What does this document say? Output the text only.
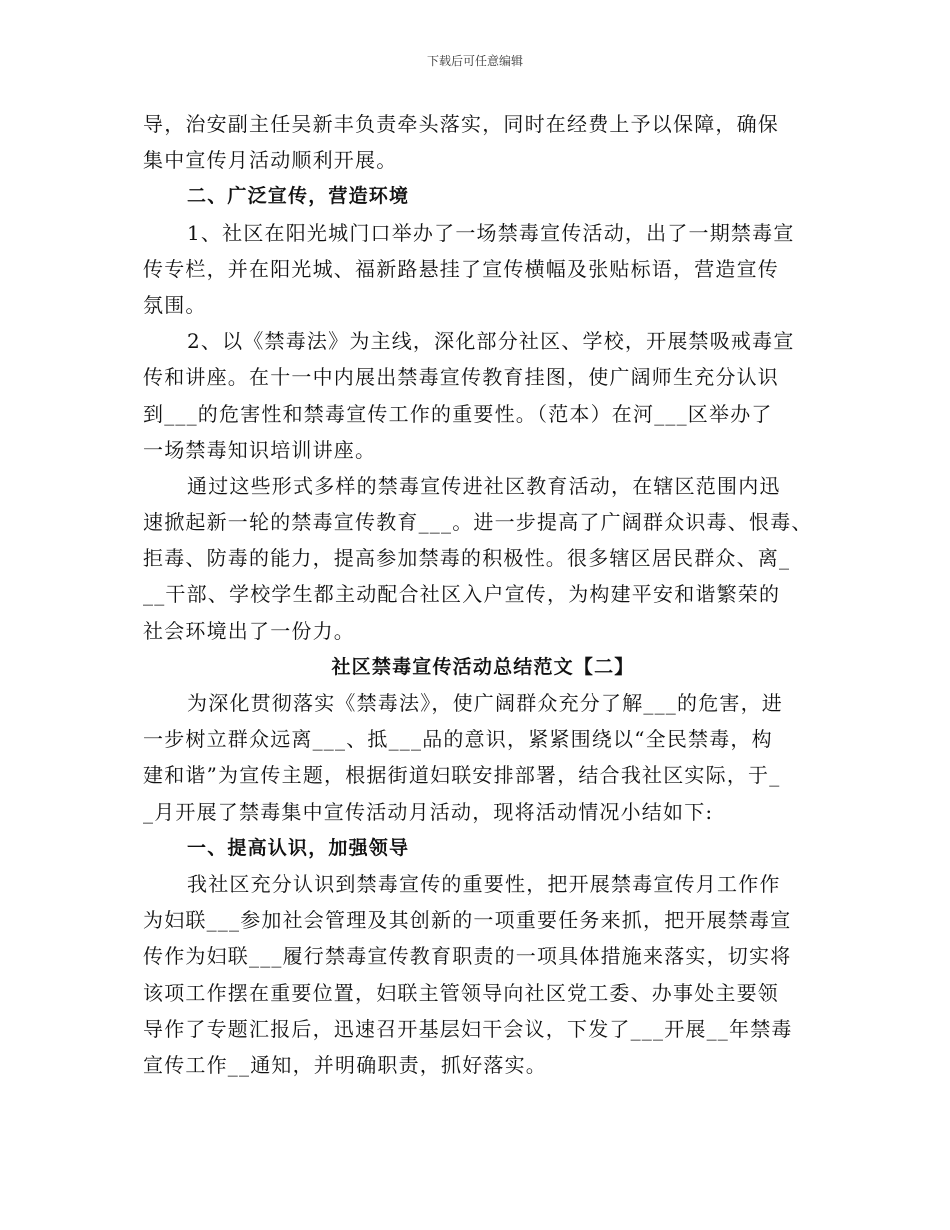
下载后可任意编辑
导，治安副主任吴新丰负责牵头落实，同时在经费上予以保障，确保
集中宣传月活动顺利开展。
二、广泛宣传，营造环境
1、社区在阳光城门口举办了一场禁毒宣传活动，出了一期禁毒宣
传专栏，并在阳光城、福新路悬挂了宣传横幅及张贴标语，营造宣传
氛围。
2、以《禁毒法》为主线，深化部分社区、学校，开展禁吸戒毒宣
传和讲座。在十一中内展出禁毒宣传教育挂图，使广阔师生充分认识
到___的危害性和禁毒宣传工作的重要性。（范本）在河___区举办了
一场禁毒知识培训讲座。
通过这些形式多样的禁毒宣传进社区教育活动，在辖区范围内迅
速掀起新一轮的禁毒宣传教育___。进一步提高了广阔群众识毒、恨毒、
拒毒、防毒的能力，提高参加禁毒的积极性。很多辖区居民群众、离_
__干部、学校学生都主动配合社区入户宣传，为构建平安和谐繁荣的
社会环境出了一份力。
社区禁毒宣传活动总结范文【二】
为深化贯彻落实《禁毒法》，使广阔群众充分了解___的危害，进
一步树立群众远离___、抵___品的意识，紧紧围绕以“全民禁毒，构
建和谐”为宣传主题，根据街道妇联安排部署，结合我社区实际，于_
_月开展了禁毒集中宣传活动月活动，现将活动情况小结如下:
一、提高认识，加强领导
我社区充分认识到禁毒宣传的重要性，把开展禁毒宣传月工作作
为妇联___参加社会管理及其创新的一项重要任务来抓，把开展禁毒宣
传作为妇联___履行禁毒宣传教育职责的一项具体措施来落实，切实将
该项工作摆在重要位置，妇联主管领导向社区党工委、办事处主要领
导作了专题汇报后，迅速召开基层妇干会议，下发了___开展__年禁毒
宣传工作__通知，并明确职责，抓好落实。
